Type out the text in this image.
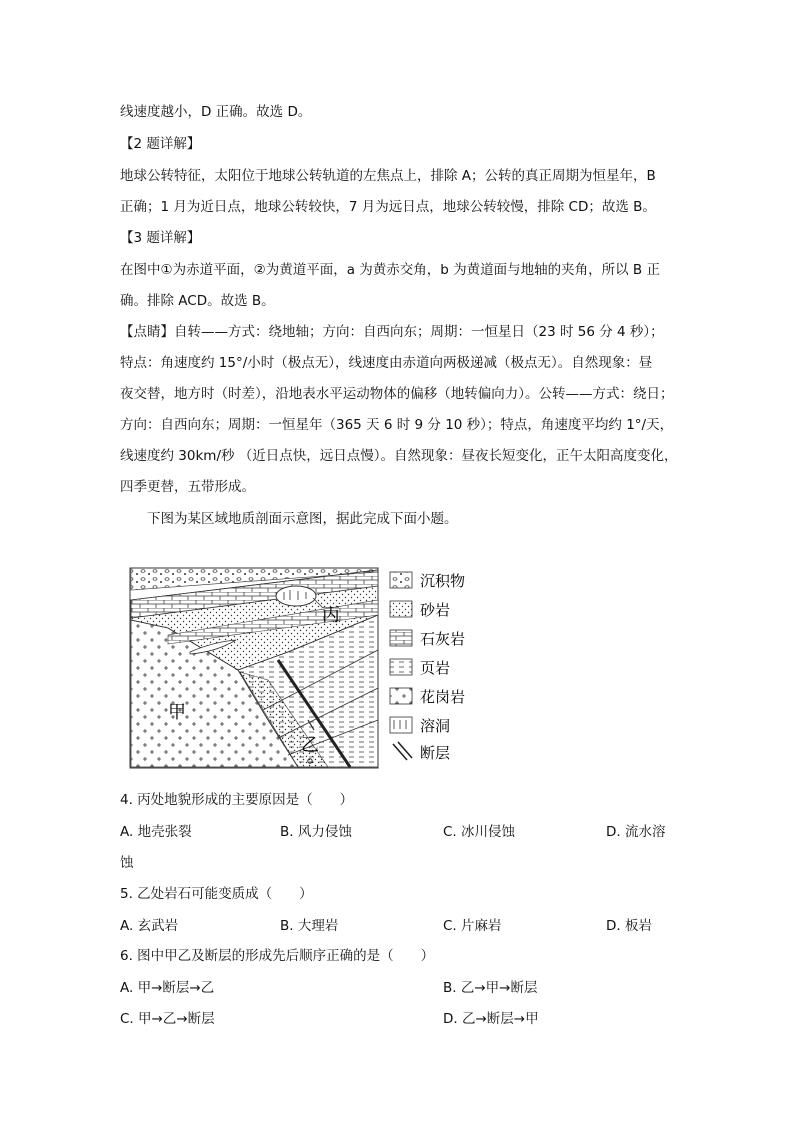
线速度越小，D 正确。故选 D。
【2 题详解】
地球公转特征，太阳位于地球公转轨道的左焦点上，排除 A；公转的真正周期为恒星年，B
正确；1 月为近日点，地球公转较快，7 月为远日点，地球公转较慢，排除 CD；故选 B。
【3 题详解】
在图中①为赤道平面，②为黄道平面，a 为黄赤交角，b 为黄道面与地轴的夹角，所以 B 正
确。排除 ACD。故选 B。
【点睛】自转——方式：绕地轴；方向：自西向东；周期：一恒星日（23 时 56 分 4 秒）；
特点：角速度约 15°/小时（极点无），线速度由赤道向两极递减（极点无）。自然现象：昼
夜交替，地方时（时差），沿地表水平运动物体的偏移（地转偏向力）。公转——方式：绕日；
方向：自西向东；周期：一恒星年（365 天 6 时 9 分 10 秒）；特点，角速度平均约 1°/天，
线速度约 30km/秒 （近日点快，远日点慢）。自然现象：昼夜长短变化，正午太阳高度变化，
四季更替，五带形成。
下图为某区域地质剖面示意图，据此完成下面小题。
丙
甲
乙
沉积物
砂岩
石灰岩
页岩
花岗岩
溶洞
断层
4. 丙处地貌形成的主要原因是（　　）
A. 地壳张裂	B. 风力侵蚀	C. 冰川侵蚀	D. 流水溶
蚀
5. 乙处岩石可能变质成（　　）
A. 玄武岩	B. 大理岩	C. 片麻岩	D. 板岩
6. 图中甲乙及断层的形成先后顺序正确的是（　　）
A. 甲→断层→乙	B. 乙→甲→断层
C. 甲→乙→断层	D. 乙→断层→甲
